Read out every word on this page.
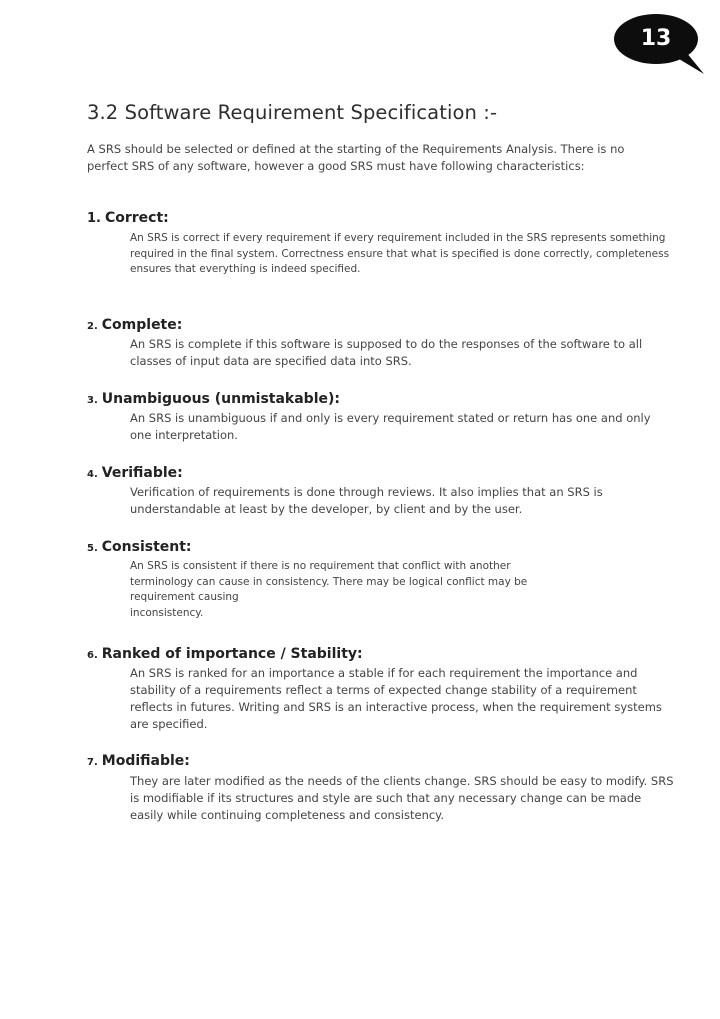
13
3.2 Software Requirement Specification :-

A SRS should be selected or defined at the starting of the Requirements Analysis. There is no perfect SRS of any software, however a good SRS must have following characteristics:

1. Correct:

An SRS is correct if every requirement if every requirement included in the SRS represents something required in the final system. Correctness ensure that what is specified is done correctly, completeness ensures that everything is indeed specified.

2. Complete:

An SRS is complete if this software is supposed to do the responses of the software to all classes of input data are specified data into SRS.

3. Unambiguous (unmistakable):

An SRS is unambiguous if and only is every requirement stated or return has one and only one interpretation.

4. Verifiable:

Verification of requirements is done through reviews. It also implies that an SRS is understandable at least by the developer, by client and by the user.

5. Consistent:
An SRS is consistent if there is no requirement that conflict with another
terminology can cause in consistency. There may be logical conflict may be
requirement causing
inconsistency.
6. Ranked of importance / Stability:

An SRS is ranked for an importance a stable if for each requirement the importance and stability of a requirements reflect a terms of expected change stability of a requirement reflects in futures. Writing and SRS is an interactive process, when the requirement systems are specified.

7. Modifiable:

They are later modified as the needs of the clients change. SRS should be easy to modify. SRS is modifiable if its structures and style are such that any necessary change can be made easily while continuing completeness and consistency.
